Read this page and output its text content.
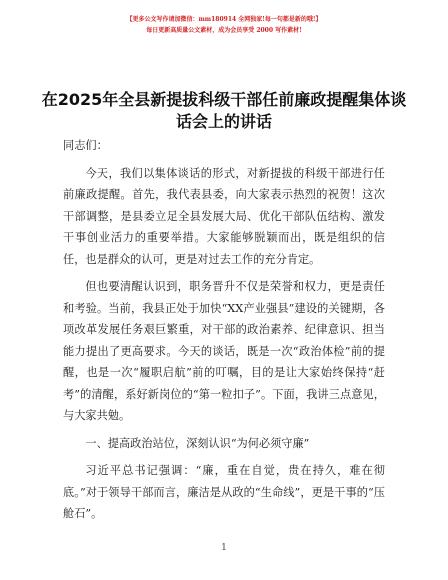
【更多公文写作请加微信：mm180914 全网独家!每一句都是新的哦!】
每日更新高质量公文素材，成为会员享受 2000 写作素材!
在2025年全县新提拔科级干部任前廉政提醒集体谈话会上的讲话

同志们：

今天，我们以集体谈话的形式，对新提拔的科级干部进行任前廉政提醒。首先，我代表县委，向大家表示热烈的祝贺！这次干部调整，是县委立足全县发展大局、优化干部队伍结构、激发干事创业活力的重要举措。大家能够脱颖而出，既是组织的信任，也是群众的认可，更是对过去工作的充分肯定。

但也要清醒认识到，职务晋升不仅是荣誉和权力，更是责任和考验。当前，我县正处于加快“XX产业强县”建设的关键期，各项改革发展任务艰巨繁重，对干部的政治素养、纪律意识、担当能力提出了更高要求。今天的谈话，既是一次“政治体检”前的提醒，也是一次“履职启航”前的叮嘱，目的是让大家始终保持“赶考”的清醒，系好新岗位的“第一粒扣子”。下面，我讲三点意见，与大家共勉。

一、提高政治站位，深刻认识“为何必须守廉”

习近平总书记强调：“廉，重在自觉，贵在持久，难在彻底。”对于领导干部而言，廉洁是从政的“生命线”，更是干事的“压舱石”。

1
